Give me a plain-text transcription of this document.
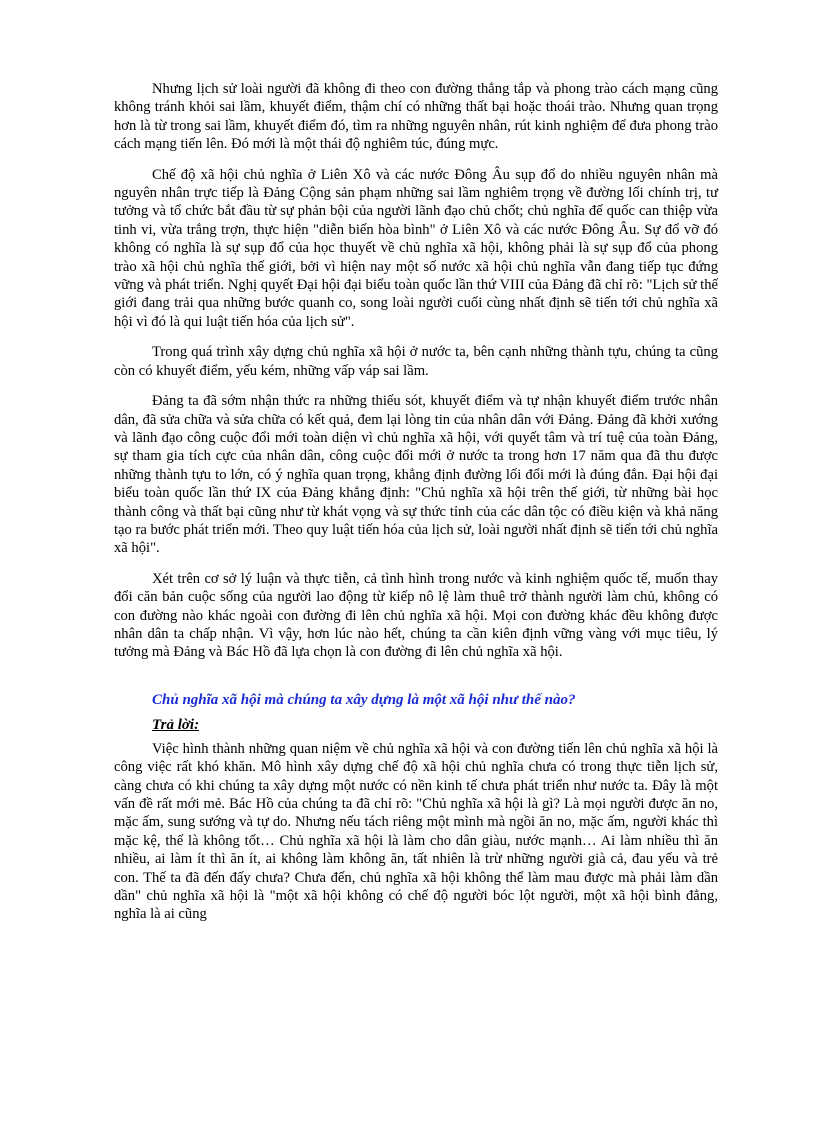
Nhưng lịch sử loài người đã không đi theo con đường thẳng tắp và phong trào cách mạng cũng không tránh khỏi sai lầm, khuyết điểm, thậm chí có những thất bại hoặc thoái trào. Nhưng quan trọng hơn là từ trong sai lầm, khuyết điểm đó, tìm ra những nguyên nhân, rút kinh nghiệm để đưa phong trào cách mạng tiến lên. Đó mới là một thái độ nghiêm túc, đúng mực.

Chế độ xã hội chủ nghĩa ở Liên Xô và các nước Đông Âu sụp đổ do nhiều nguyên nhân mà nguyên nhân trực tiếp là Đảng Cộng sản phạm những sai lầm nghiêm trọng về đường lối chính trị, tư tưởng và tổ chức bắt đầu từ sự phản bội của người lãnh đạo chủ chốt; chủ nghĩa đế quốc can thiệp vừa tinh vi, vừa trắng trợn, thực hiện "diễn biến hòa bình" ở Liên Xô và các nước Đông Âu. Sự đổ vỡ đó không có nghĩa là sự sụp đổ của học thuyết về chủ nghĩa xã hội, không phải là sự sụp đổ của phong trào xã hội chủ nghĩa thế giới, bởi vì hiện nay một số nước xã hội chủ nghĩa vẫn đang tiếp tục đứng vững và phát triển. Nghị quyết Đại hội đại biểu toàn quốc lần thứ VIII của Đảng đã chỉ rõ: "Lịch sử thế giới đang trải qua những bước quanh co, song loài người cuối cùng nhất định sẽ tiến tới chủ nghĩa xã hội vì đó là qui luật tiến hóa của lịch sử".

Trong quá trình xây dựng chủ nghĩa xã hội ở nước ta, bên cạnh những thành tựu, chúng ta cũng còn có khuyết điểm, yếu kém, những vấp váp sai lầm.

Đảng ta đã sớm nhận thức ra những thiếu sót, khuyết điểm và tự nhận khuyết điểm trước nhân dân, đã sửa chữa và sửa chữa có kết quả, đem lại lòng tin của nhân dân với Đảng. Đảng đã khởi xướng và lãnh đạo công cuộc đổi mới toàn diện vì chủ nghĩa xã hội, với quyết tâm và trí tuệ của toàn Đảng, sự tham gia tích cực của nhân dân, công cuộc đổi mới ở nước ta trong hơn 17 năm qua đã thu được những thành tựu to lớn, có ý nghĩa quan trọng, khẳng định đường lối đổi mới là đúng đắn. Đại hội đại biểu toàn quốc lần thứ IX của Đảng khẳng định: "Chủ nghĩa xã hội trên thế giới, từ những bài học thành công và thất bại cũng như từ khát vọng và sự thức tỉnh của các dân tộc có điều kiện và khả năng tạo ra bước phát triển mới. Theo quy luật tiến hóa của lịch sử, loài người nhất định sẽ tiến tới chủ nghĩa xã hội".

Xét trên cơ sở lý luận và thực tiễn, cả tình hình trong nước và kinh nghiệm quốc tế, muốn thay đổi căn bản cuộc sống của người lao động từ kiếp nô lệ làm thuê trở thành người làm chủ, không có con đường nào khác ngoài con đường đi lên chủ nghĩa xã hội. Mọi con đường khác đều không được nhân dân ta chấp nhận. Vì vậy, hơn lúc nào hết, chúng ta cần kiên định vững vàng với mục tiêu, lý tưởng mà Đảng và Bác Hồ đã lựa chọn là con đường đi lên chủ nghĩa xã hội.

Chủ nghĩa xã hội mà chúng ta xây dựng là một xã hội như thế nào?
Trả lời:

Việc hình thành những quan niệm về chủ nghĩa xã hội và con đường tiến lên chủ nghĩa xã hội là công việc rất khó khăn. Mô hình xây dựng chế độ xã hội chủ nghĩa chưa có trong thực tiễn lịch sử, càng chưa có khi chúng ta xây dựng một nước có nền kinh tế chưa phát triển như nước ta. Đây là một vấn đề rất mới mẻ. Bác Hồ của chúng ta đã chỉ rõ: "Chủ nghĩa xã hội là gì? Là mọi người được ăn no, mặc ấm, sung sướng và tự do. Nhưng nếu tách riêng một mình mà ngồi ăn no, mặc ấm, người khác thì mặc kệ, thế là không tốt… Chủ nghĩa xã hội là làm cho dân giàu, nước mạnh… Ai làm nhiều thì ăn nhiều, ai làm ít thì ăn ít, ai không làm không ăn, tất nhiên là trừ những người già cả, đau yếu và trẻ con. Thế ta đã đến đấy chưa? Chưa đến, chủ nghĩa xã hội không thể làm mau được mà phải làm dần dần" chủ nghĩa xã hội là "một xã hội không có chế độ người bóc lột người, một xã hội bình đẳng, nghĩa là ai cũng
